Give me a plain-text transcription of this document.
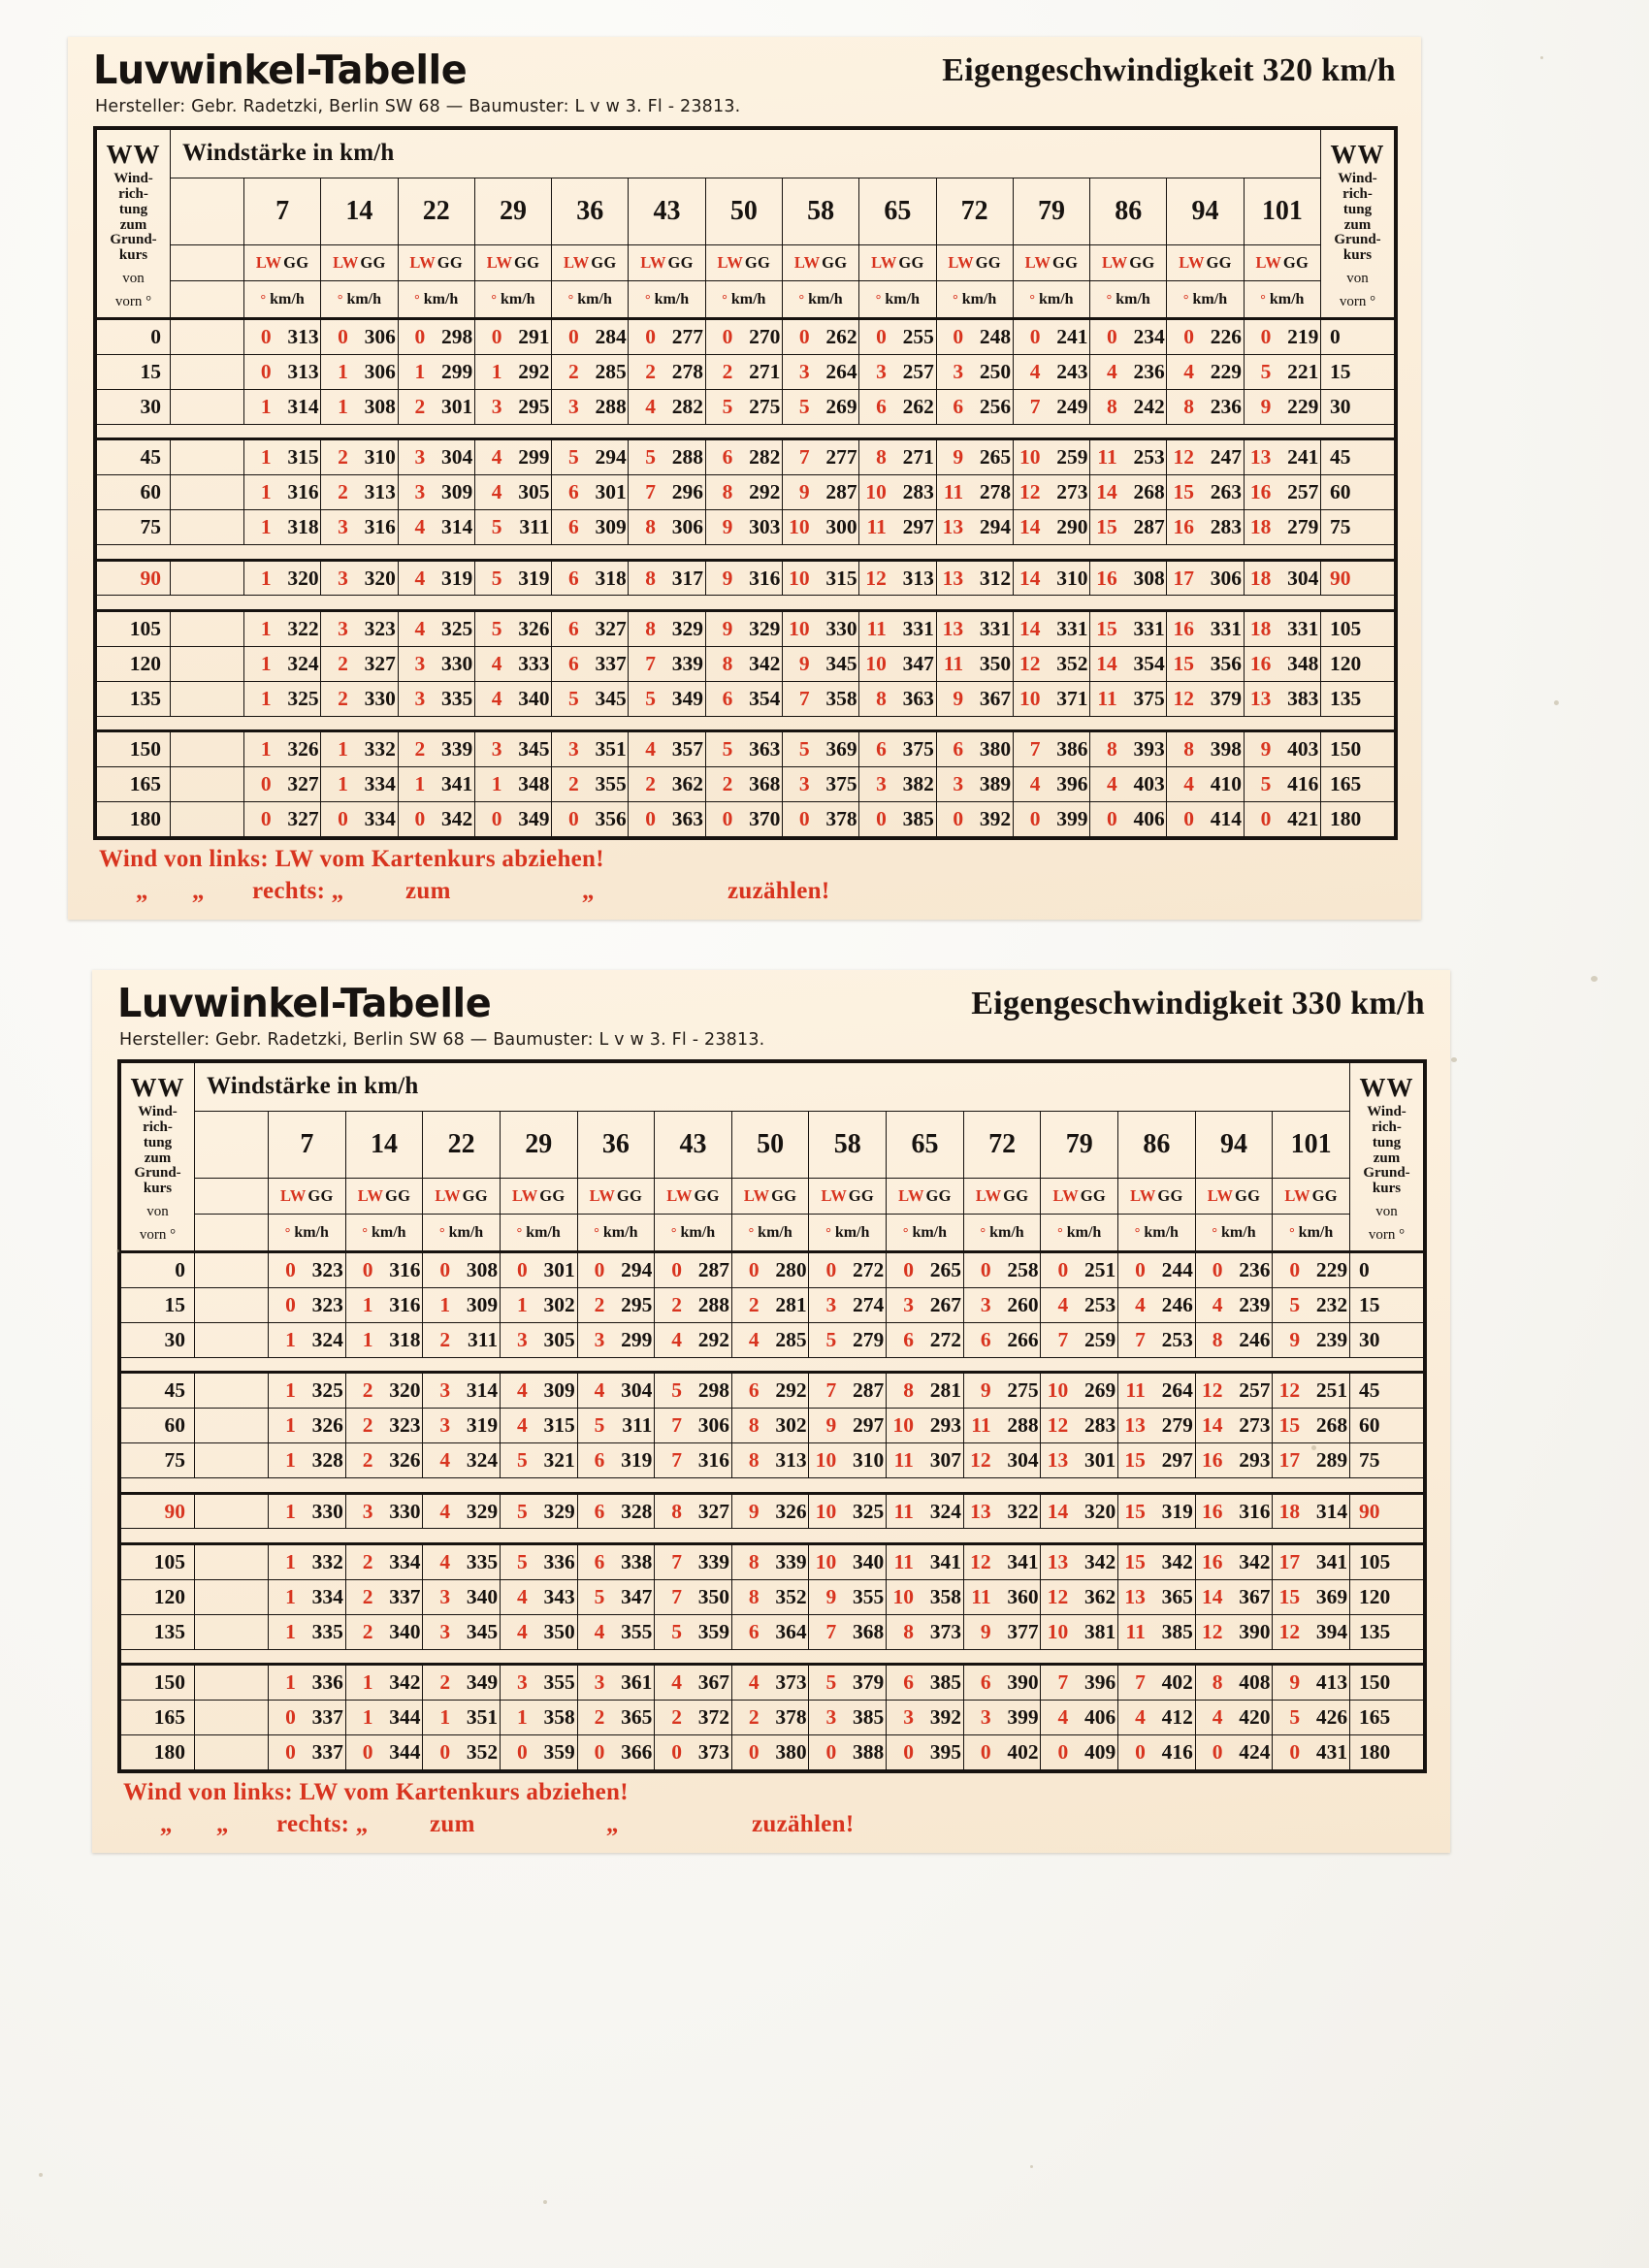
Luvwinkel-Tabelle
Hersteller: Gebr. Radetzki, Berlin SW 68 — Baumuster: L v w 3. Fl - 23813.
Eigengeschwindigkeit 320 km/h
WW
Wind-
rich-
tung
zum
Grund-
kurs
von
vorn °
	Windstärke in km/h	WW
Wind-
rich-
tung
zum
Grund-
kurs
von
vorn °

		7	14	22	29	36	43	50	58	65	72	79	86	94	101	
		LW GG	LW GG	LW GG	LW GG	LW GG	LW GG	LW GG	LW GG	LW GG	LW GG	LW GG	LW GG	LW GG	LW GG	
		° km/h	° km/h	° km/h	° km/h	° km/h	° km/h	° km/h	° km/h	° km/h	° km/h	° km/h	° km/h	° km/h	° km/h	
0		0 313	0 306	0 298	0 291	0 284	0 277	0 270	0 262	0 255	0 248	0 241	0 234	0 226	0 219	0
15		0 313	1 306	1 299	1 292	2 285	2 278	2 271	3 264	3 257	3 250	4 243	4 236	4 229	5 221	15
30		1 314	1 308	2 301	3 295	3 288	4 282	5 275	5 269	6 262	6 256	7 249	8 242	8 236	9 229	30

45		1 315	2 310	3 304	4 299	5 294	5 288	6 282	7 277	8 271	9 265	10 259	11 253	12 247	13 241	45
60		1 316	2 313	3 309	4 305	6 301	7 296	8 292	9 287	10 283	11 278	12 273	14 268	15 263	16 257	60
75		1 318	3 316	4 314	5 311	6 309	8 306	9 303	10 300	11 297	13 294	14 290	15 287	16 283	18 279	75

90		1 320	3 320	4 319	5 319	6 318	8 317	9 316	10 315	12 313	13 312	14 310	16 308	17 306	18 304	90

105		1 322	3 323	4 325	5 326	6 327	8 329	9 329	10 330	11 331	13 331	14 331	15 331	16 331	18 331	105
120		1 324	2 327	3 330	4 333	6 337	7 339	8 342	9 345	10 347	11 350	12 352	14 354	15 356	16 348	120
135		1 325	2 330	3 335	4 340	5 345	5 349	6 354	7 358	8 363	9 367	10 371	11 375	12 379	13 383	135

150		1 326	1 332	2 339	3 345	3 351	4 357	5 363	5 369	6 375	6 380	7 386	8 393	8 398	9 403	150
165		0 327	1 334	1 341	1 348	2 355	2 362	2 368	3 375	3 382	3 389	4 396	4 403	4 410	5 416	165
180		0 327	0 334	0 342	0 349	0 356	0 363	0 370	0 378	0 385	0 392	0 399	0 406	0 414	0 421	180
Wind von links: LW vom Kartenkurs abziehen!
„	„	rechts: „	zum	„	zuzählen!
Luvwinkel-Tabelle
Hersteller: Gebr. Radetzki, Berlin SW 68 — Baumuster: L v w 3. Fl - 23813.
Eigengeschwindigkeit 330 km/h
WW
Wind-
rich-
tung
zum
Grund-
kurs
von
vorn °
	Windstärke in km/h	WW
Wind-
rich-
tung
zum
Grund-
kurs
von
vorn °

		7	14	22	29	36	43	50	58	65	72	79	86	94	101	
		LW GG	LW GG	LW GG	LW GG	LW GG	LW GG	LW GG	LW GG	LW GG	LW GG	LW GG	LW GG	LW GG	LW GG	
		° km/h	° km/h	° km/h	° km/h	° km/h	° km/h	° km/h	° km/h	° km/h	° km/h	° km/h	° km/h	° km/h	° km/h	
0		0 323	0 316	0 308	0 301	0 294	0 287	0 280	0 272	0 265	0 258	0 251	0 244	0 236	0 229	0
15		0 323	1 316	1 309	1 302	2 295	2 288	2 281	3 274	3 267	3 260	4 253	4 246	4 239	5 232	15
30		1 324	1 318	2 311	3 305	3 299	4 292	4 285	5 279	6 272	6 266	7 259	7 253	8 246	9 239	30

45		1 325	2 320	3 314	4 309	4 304	5 298	6 292	7 287	8 281	9 275	10 269	11 264	12 257	12 251	45
60		1 326	2 323	3 319	4 315	5 311	7 306	8 302	9 297	10 293	11 288	12 283	13 279	14 273	15 268	60
75		1 328	2 326	4 324	5 321	6 319	7 316	8 313	10 310	11 307	12 304	13 301	15 297	16 293	17 289	75

90		1 330	3 330	4 329	5 329	6 328	8 327	9 326	10 325	11 324	13 322	14 320	15 319	16 316	18 314	90

105		1 332	2 334	4 335	5 336	6 338	7 339	8 339	10 340	11 341	12 341	13 342	15 342	16 342	17 341	105
120		1 334	2 337	3 340	4 343	5 347	7 350	8 352	9 355	10 358	11 360	12 362	13 365	14 367	15 369	120
135		1 335	2 340	3 345	4 350	4 355	5 359	6 364	7 368	8 373	9 377	10 381	11 385	12 390	12 394	135

150		1 336	1 342	2 349	3 355	3 361	4 367	4 373	5 379	6 385	6 390	7 396	7 402	8 408	9 413	150
165		0 337	1 344	1 351	1 358	2 365	2 372	2 378	3 385	3 392	3 399	4 406	4 412	4 420	5 426	165
180		0 337	0 344	0 352	0 359	0 366	0 373	0 380	0 388	0 395	0 402	0 409	0 416	0 424	0 431	180
Wind von links: LW vom Kartenkurs abziehen!
„	„	rechts: „	zum	„	zuzählen!
